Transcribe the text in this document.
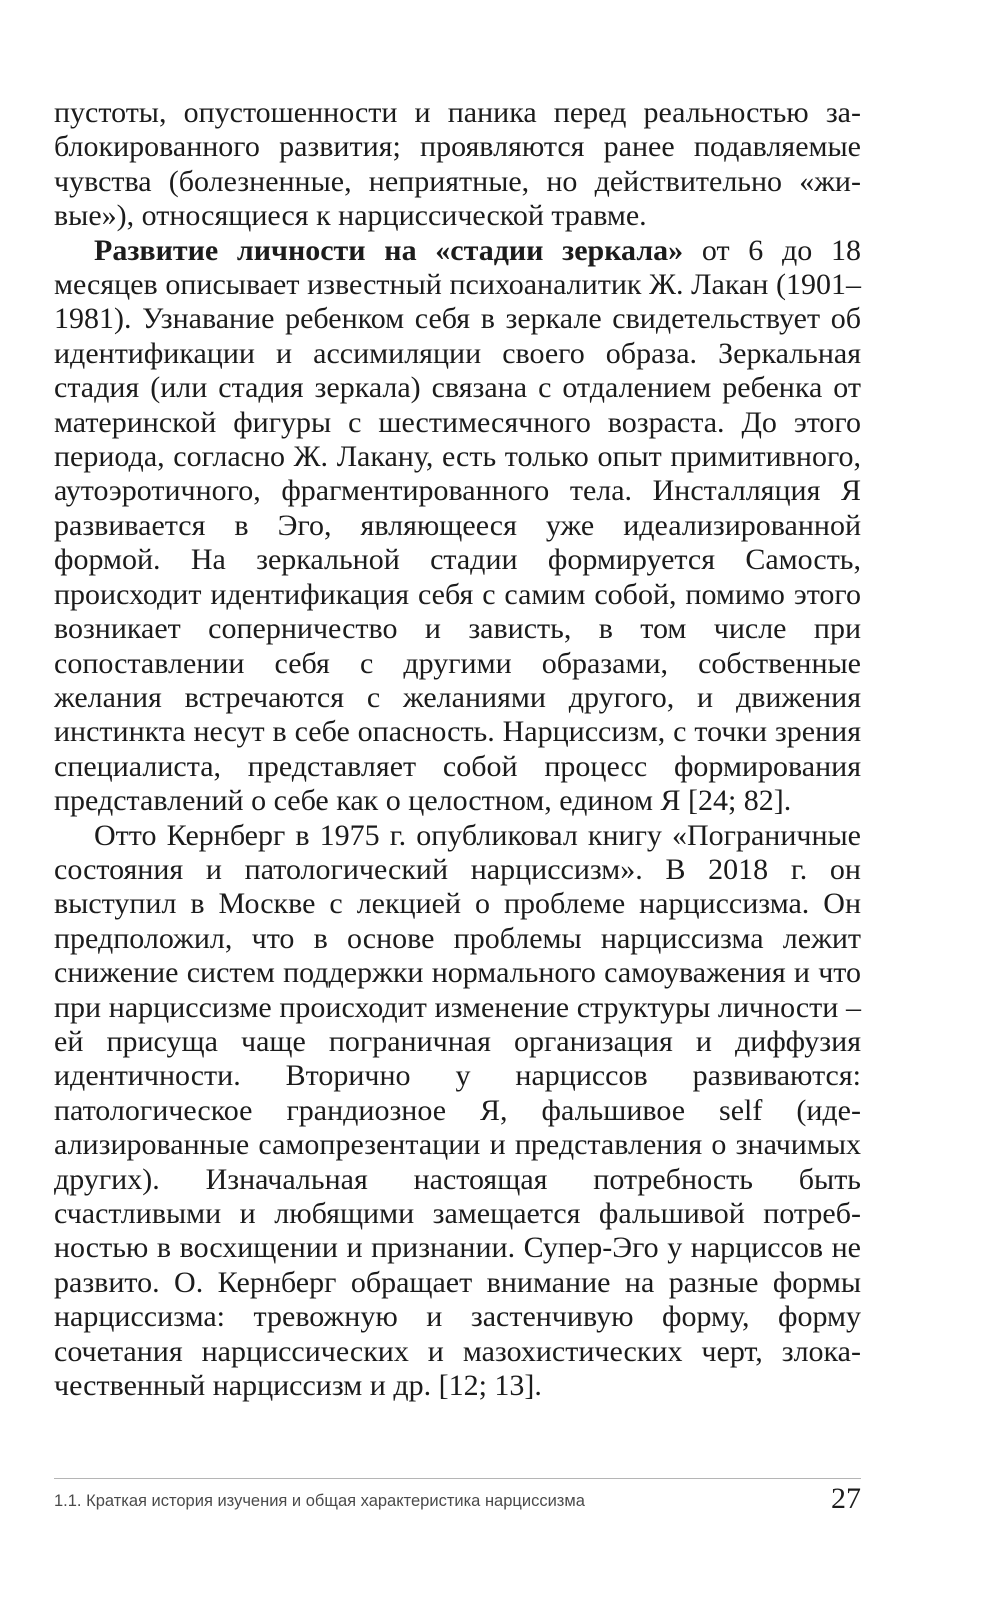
пустоты, опустошенности и паника перед реальностью заблокированного развития; проявляются ранее подавляемые чувства (болезненные, неприятные, но действительно «живые»), относящиеся к нарциссической травме.

Развитие личности на «стадии зеркала» от 6 до 18 месяцев описывает известный психоаналитик Ж. Лакан (1901–1981). Узнавание ребенком себя в зеркале свидетельствует об идентификации и ассимиляции своего образа. Зеркальная стадия (или стадия зеркала) связана с отдалением ребенка от материнской фигуры с шестимесячного возраста. До этого периода, согласно Ж. Лакану, есть только опыт примитивного, аутоэротичного, фрагментированного тела. Инсталляция Я развивается в Эго, являющееся уже идеализированной формой. На зеркальной стадии формируется Самость, происходит идентификация себя с самим собой, помимо этого возникает соперничество и зависть, в том числе при сопоставлении себя с другими образами, собственные желания встречаются с желаниями другого, и движения инстинкта несут в себе опасность. Нарциссизм, с точки зрения специалиста, представляет собой процесс формирования представлений о себе как о целостном, едином Я [24; 82].

Отто Кернберг в 1975 г. опубликовал книгу «Пограничные состояния и патологический нарциссизм». В 2018 г. он выступил в Москве с лекцией о проблеме нарциссизма. Он предположил, что в основе проблемы нарциссизма лежит снижение систем поддержки нормального самоуважения и что при нарциссизме происходит изменение структуры личности – ей присуща чаще пограничная организация и диффузия идентичности. Вторично у нарциссов развиваются: патологическое грандиозное Я, фальшивое self (идеализированные самопрезентации и представления о значимых других). Изначальная настоящая потребность быть счастливыми и любящими замещается фальшивой потребностью в восхищении и признании. Супер-Эго у нарциссов не развито. О. Кернберг обращает внимание на разные формы нарциссизма: тревожную и застенчивую форму, форму сочетания нарциссических и мазохистических черт, злокачественный нарциссизм и др. [12; 13].

1.1. Краткая история изучения и общая характеристика нарциссизма	27
